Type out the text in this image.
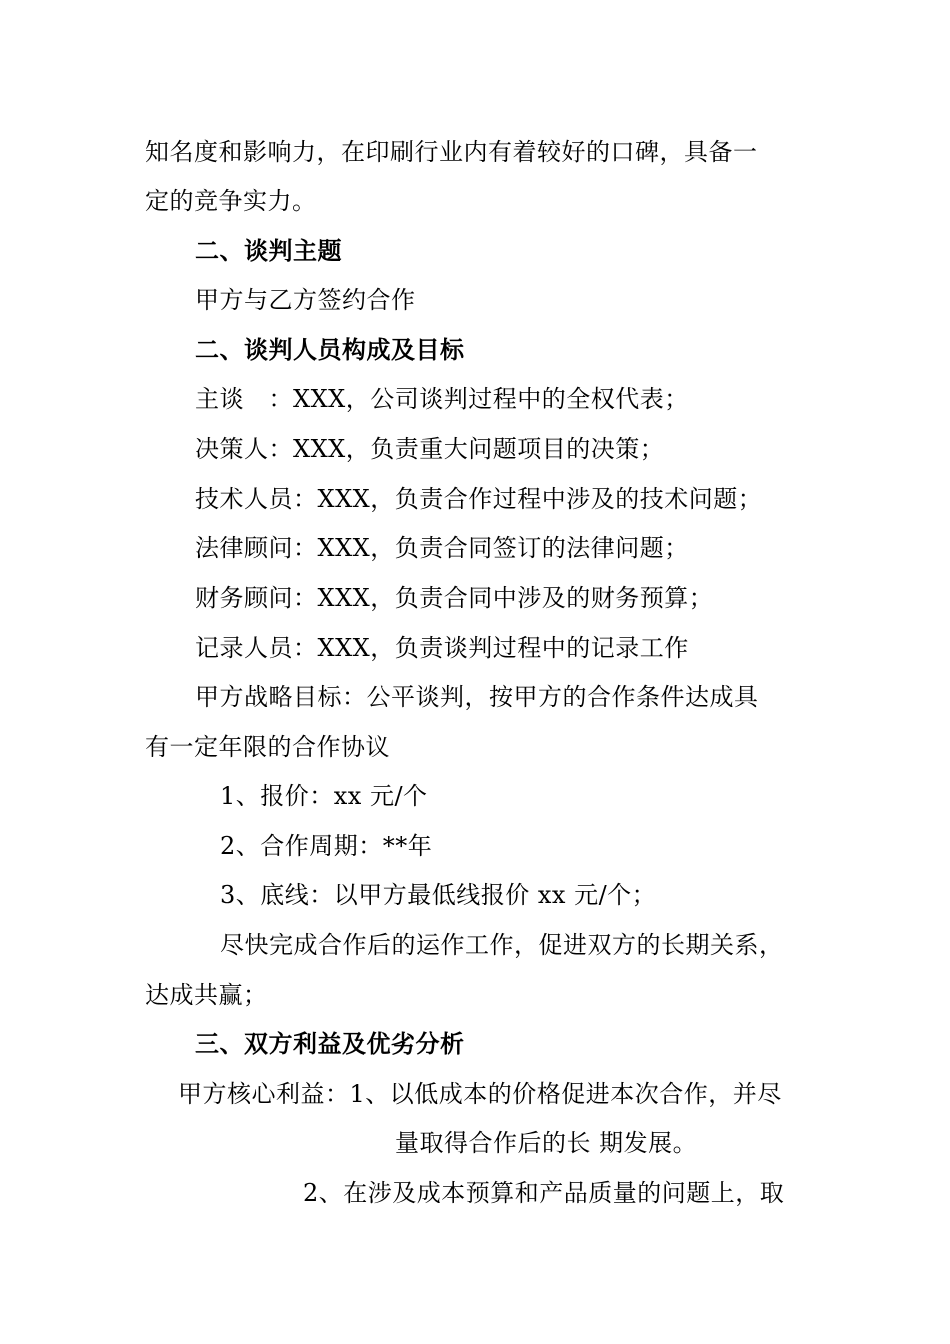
知名度和影响力，在印刷行业内有着较好的口碑，具备一
定的竞争实力。
二、谈判主题
甲方与乙方签约合作
二、谈判人员构成及目标
主谈　：XXX，公司谈判过程中的全权代表；
决策人：XXX，负责重大问题项目的决策；
技术人员：XXX，负责合作过程中涉及的技术问题；
法律顾问：XXX，负责合同签订的法律问题；
财务顾问：XXX，负责合同中涉及的财务预算；
记录人员：XXX，负责谈判过程中的记录工作
甲方战略目标：公平谈判，按甲方的合作条件达成具
有一定年限的合作协议
1、报价：xx 元/个
2、合作周期：**年
3、底线：以甲方最低线报价 xx 元/个；
尽快完成合作后的运作工作，促进双方的长期关系，
达成共赢；
三、双方利益及优劣分析
甲方核心利益：1、以低成本的价格促进本次合作，并尽
量取得合作后的长 期发展。
2、在涉及成本预算和产品质量的问题上，取
